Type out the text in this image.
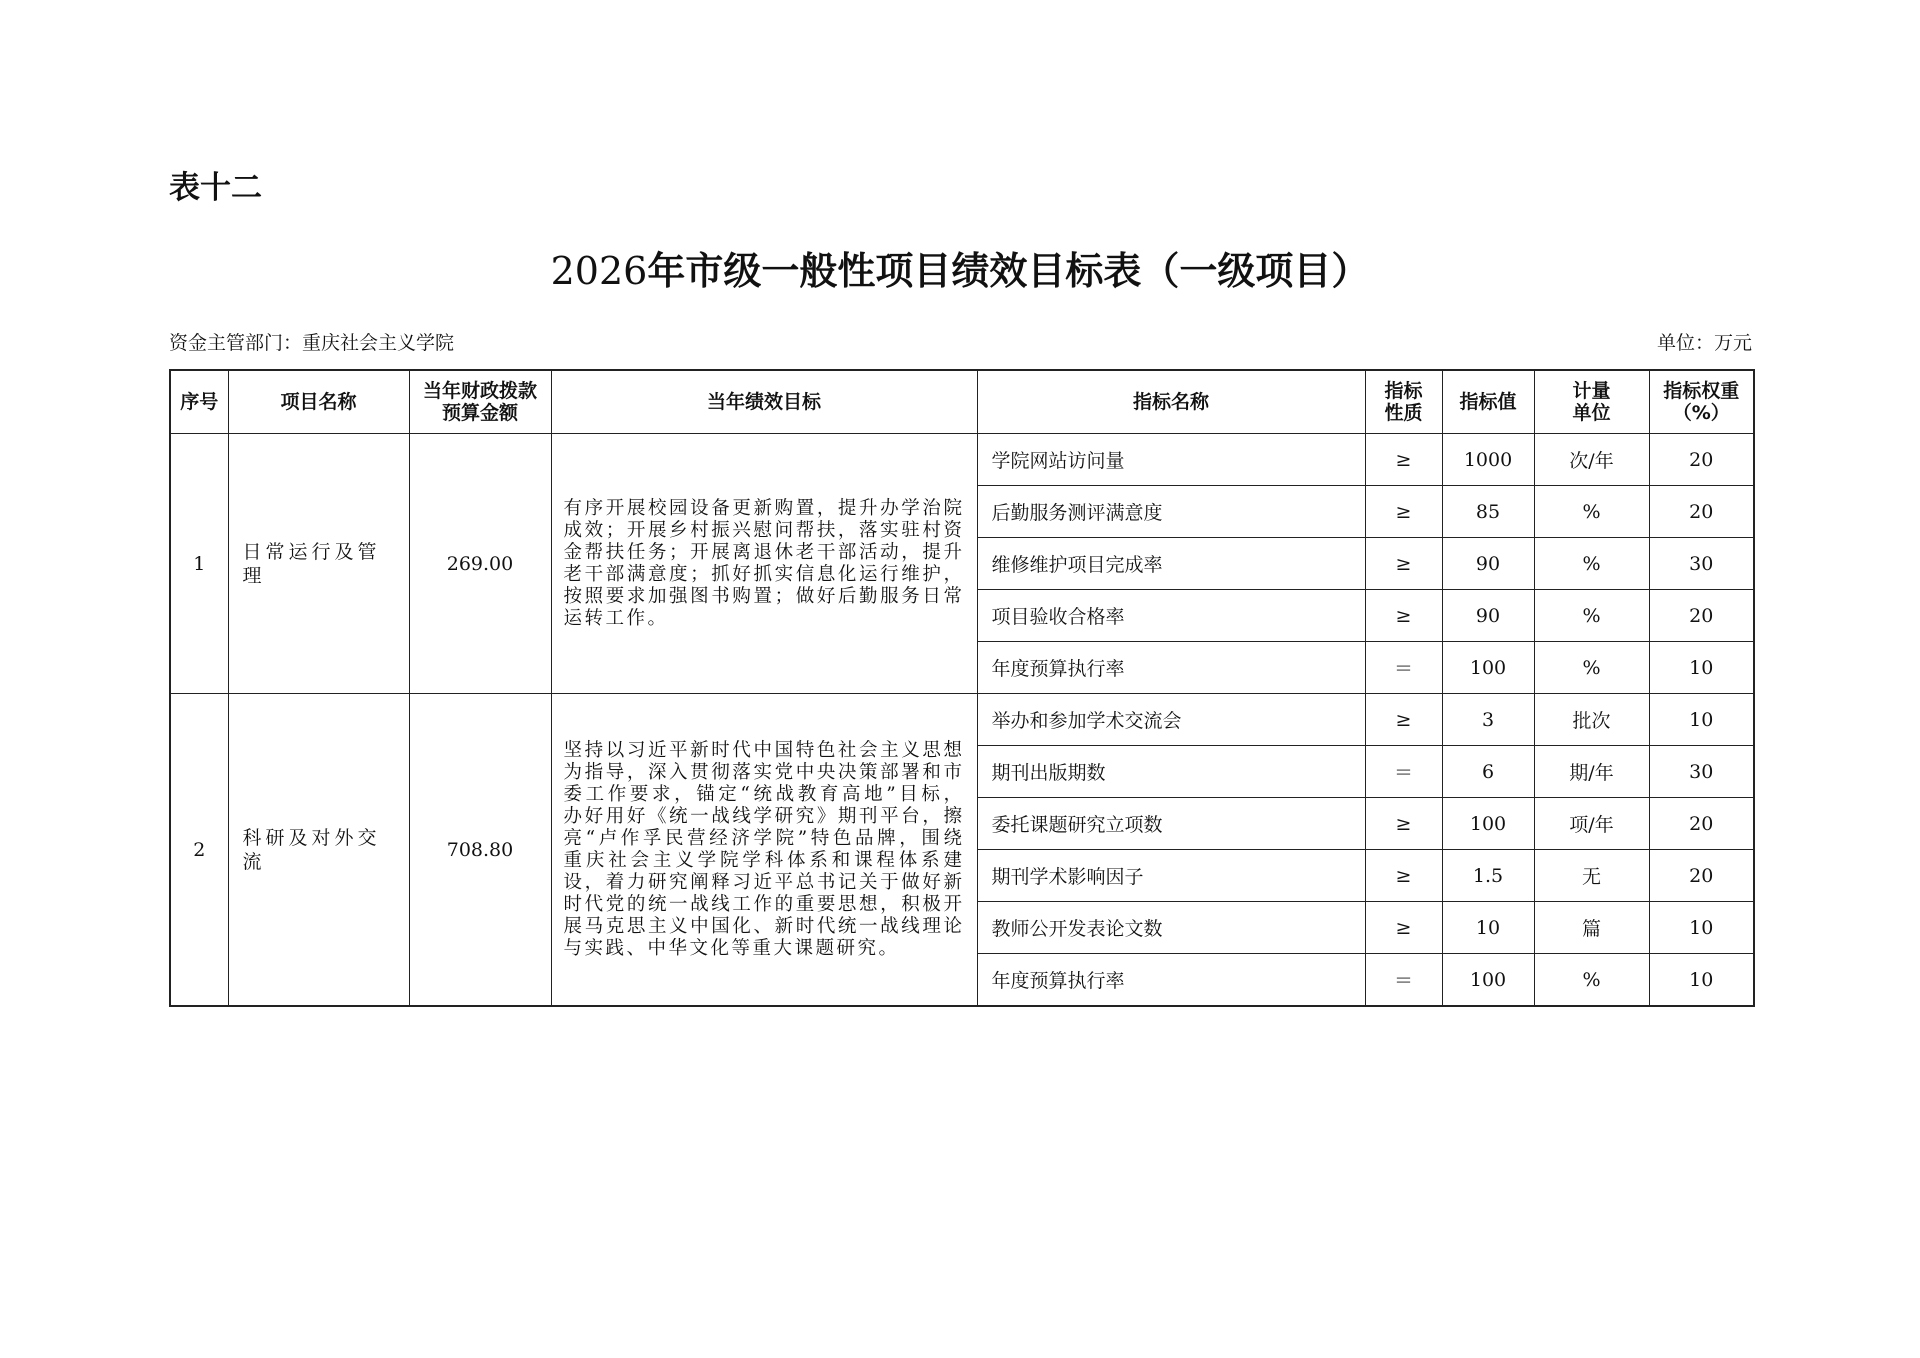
表十二
2026年市级一般性项目绩效目标表（一级项目）
资金主管部门：重庆社会主义学院	单位：万元
序号	项目名称	当年财政拨款预算金额	当年绩效目标	指标名称	指标性质	指标值	计量单位	指标权重（%）
1	日常运行及管理	269.00	有序开展校园设备更新购置，提升办学治院成效；开展乡村振兴慰问帮扶，落实驻村资金帮扶任务；开展离退休老干部活动，提升老干部满意度；抓好抓实信息化运行维护，按照要求加强图书购置；做好后勤服务日常运转工作。	学院网站访问量	≥	1000	次/年	20
				后勤服务测评满意度	≥	85	%	20
				维修维护项目完成率	≥	90	%	30
				项目验收合格率	≥	90	%	20
				年度预算执行率	＝	100	%	10
2	科研及对外交流	708.80	坚持以习近平新时代中国特色社会主义思想为指导，深入贯彻落实党中央决策部署和市委工作要求，锚定“统战教育高地”目标，办好用好《统一战线学研究》期刊平台，擦亮“卢作孚民营经济学院”特色品牌，围绕重庆社会主义学院学科体系和课程体系建设，着力研究阐释习近平总书记关于做好新时代党的统一战线工作的重要思想，积极开展马克思主义中国化、新时代统一战线理论与实践、中华文化等重大课题研究。	举办和参加学术交流会	≥	3	批次	10
				期刊出版期数	＝	6	期/年	30
				委托课题研究立项数	≥	100	项/年	20
				期刊学术影响因子	≥	1.5	无	20
				教师公开发表论文数	≥	10	篇	10
				年度预算执行率	＝	100	%	10
